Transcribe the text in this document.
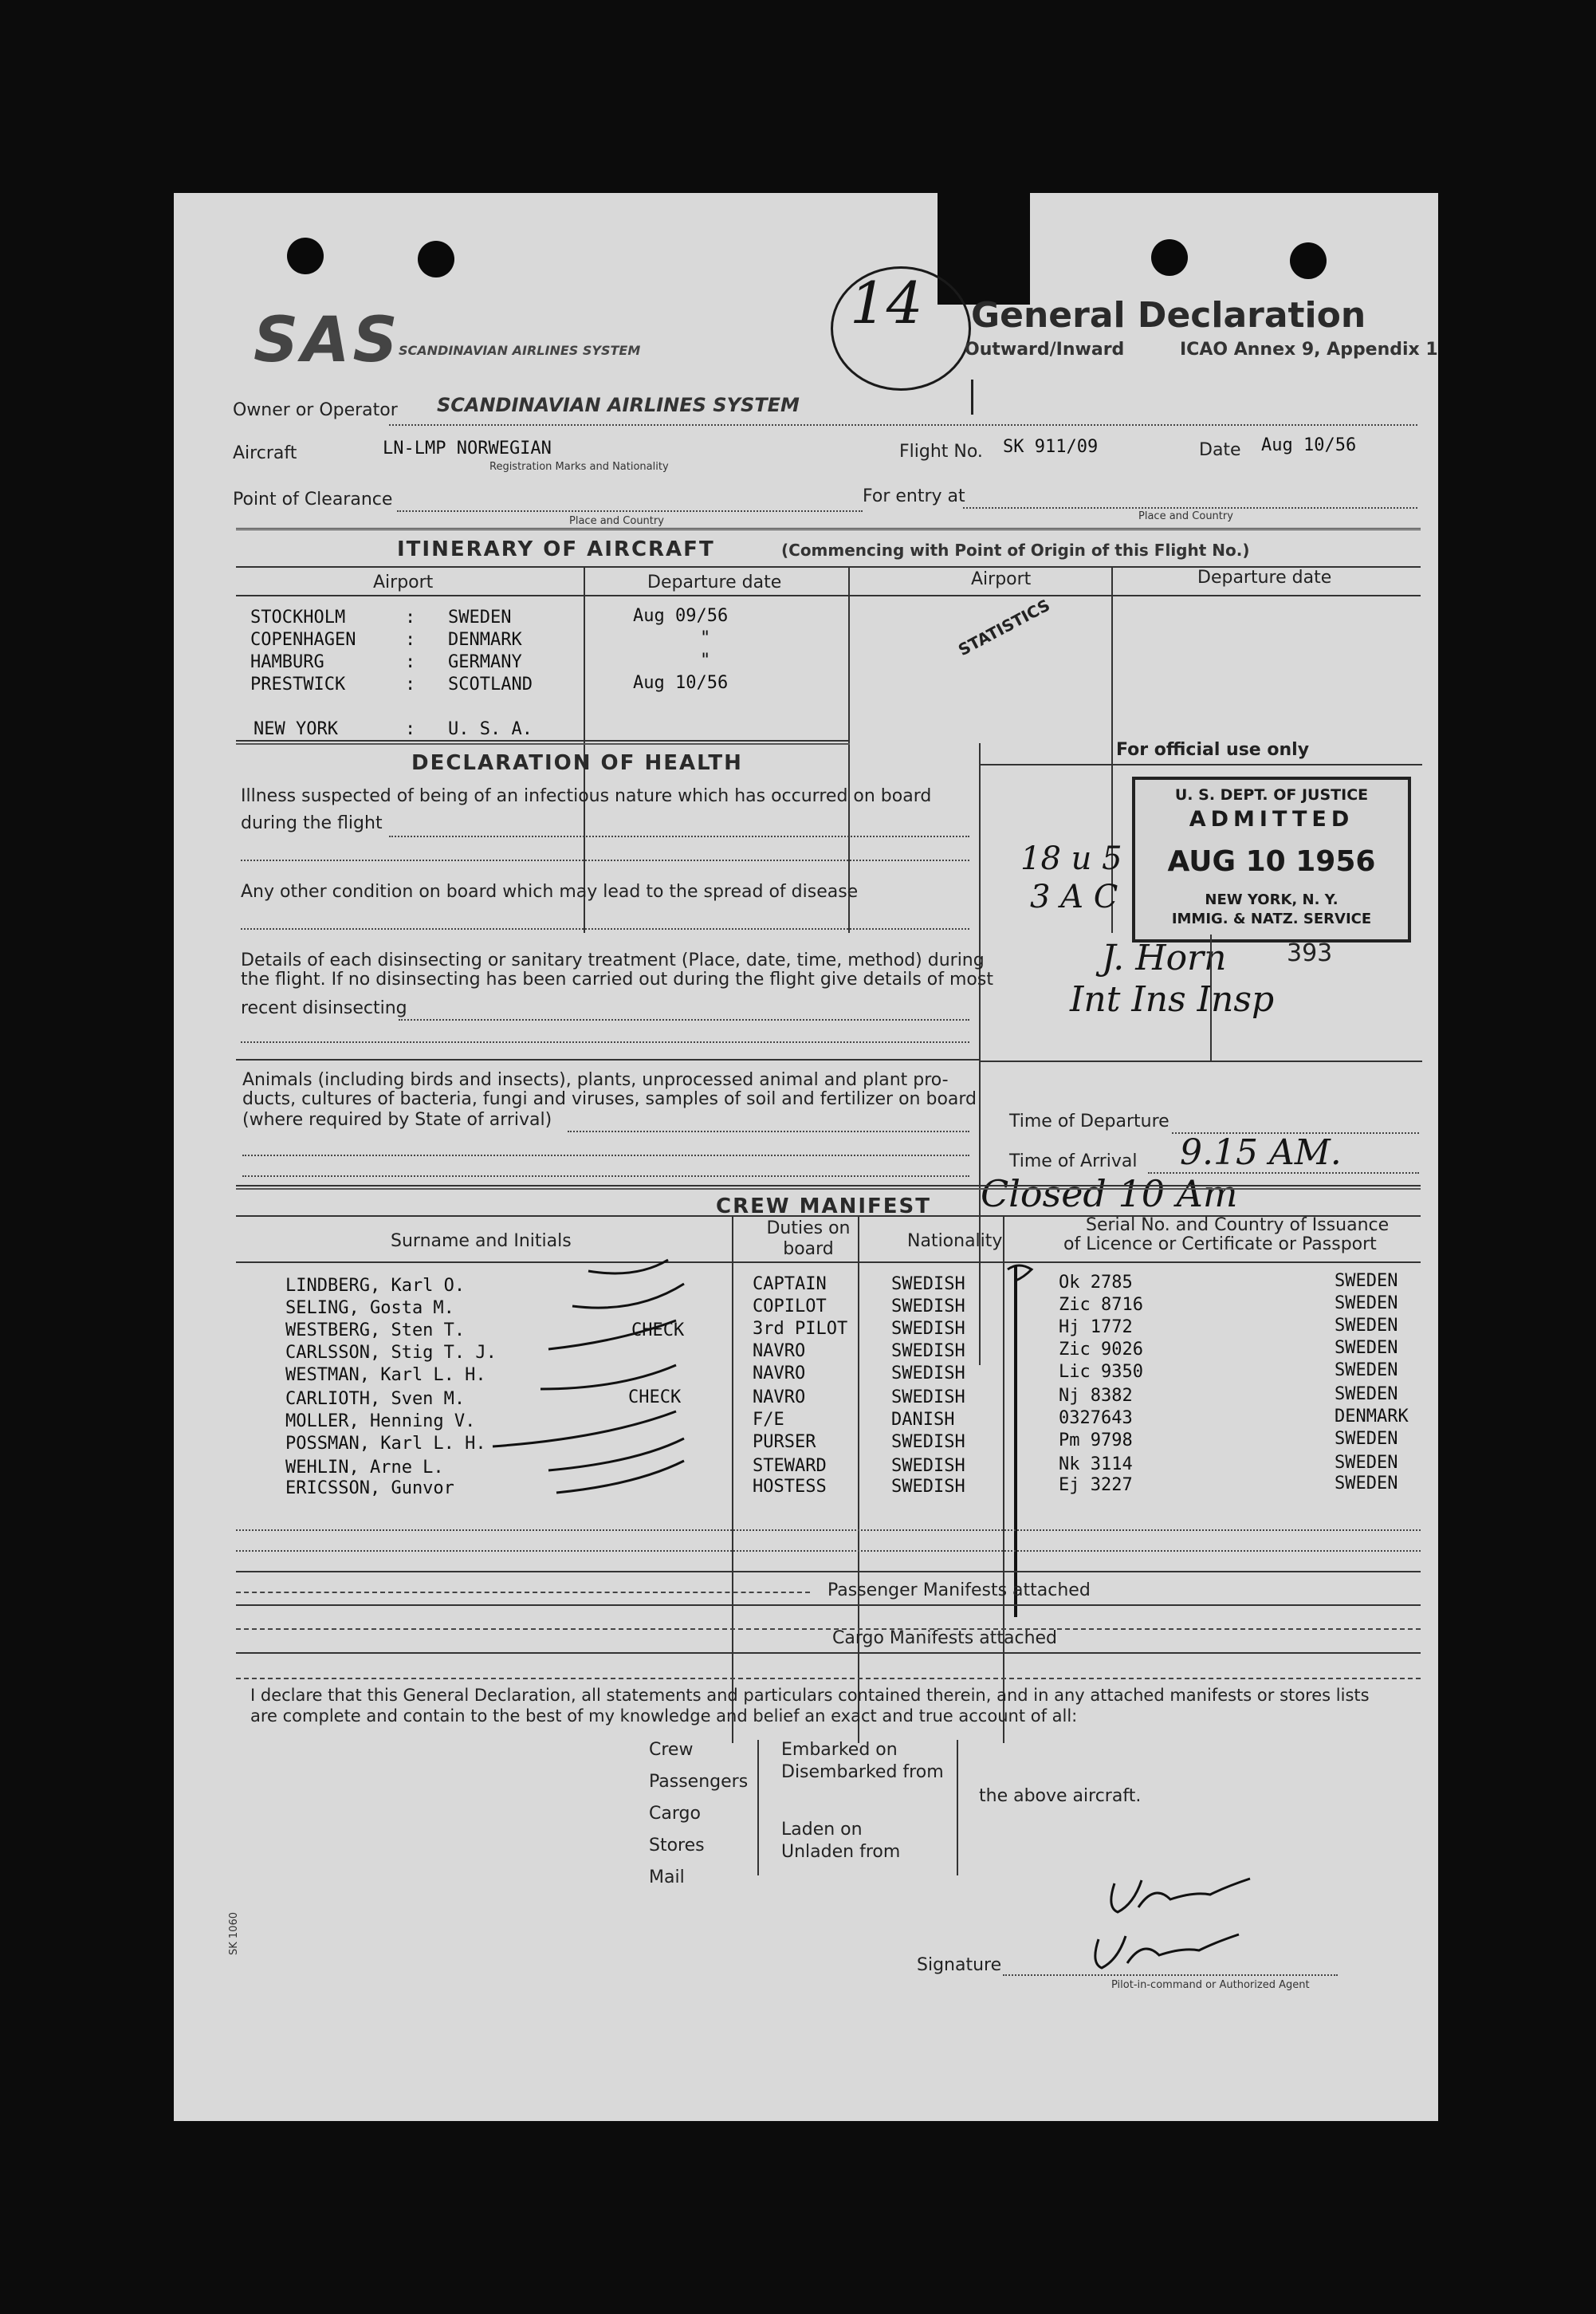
SAS
SCANDINAVIAN AIRLINES SYSTEM
14 General Declaration
Outward/Inward	ICAO Annex 9, Appendix 1
Owner or Operator SCANDINAVIAN AIRLINES SYSTEM
Aircraft	LN-LMP NORWEGIAN
Registration Marks and Nationality
Flight No. SK 911/09	Date Aug 10/56
Point of Clearance
Place and Country
For entry at
Place and Country
ITINERARY OF AIRCRAFT	(Commencing with Point of Origin of this Flight No.)
Airport	Departure date	Airport	Departure date
STOCKHOLM	: SWEDEN	Aug 09/56
COPENHAGEN	: DENMARK	"
HAMBURG	: GERMANY	"
PRESTWICK	: SCOTLAND	Aug 10/56
NEW YORK	: U. S. A.
STATISTICS
DECLARATION OF HEALTH
Illness suspected of being of an infectious nature which has occurred on board
during the flight
Any other condition on board which may lead to the spread of disease
Details of each disinsecting or sanitary treatment (Place, date, time, method) during
the flight. If no disinsecting has been carried out during the flight give details of most
recent disinsecting
Animals (including birds and insects), plants, unprocessed animal and plant pro-
ducts, cultures of bacteria, fungi and viruses, samples of soil and fertilizer on board
(where required by State of arrival)
For official use only
U. S. DEPT. OF JUSTICE
ADMITTED
AUG 10 1956
NEW YORK, N. Y.
IMMIG. & NATZ. SERVICE
18 u 5
3 A C
393
J. Horn
Int Ins Insp
Time of Departure
Time of Arrival 9.15 AM.
Closed 10 Am
CREW MANIFEST
Surname and Initials
Duties on board	Nationality
Serial No. and Country of Issuance
of Licence or Certificate or Passport
LINDBERG, Karl O.	CAPTAIN	SWEDISH	Ok 2785	SWEDEN
SELING, Gosta M.	COPILOT	SWEDISH	Zic 8716	SWEDEN
WESTBERG, Sten T.	3rd PILOT SWEDISH	Hj 1772	SWEDEN
CARLSSON, Stig T. J.	NAVRO	SWEDISH	Zic 9026	SWEDEN
WESTMAN, Karl L. H.	NAVRO	SWEDISH	Lic 9350	SWEDEN
CARLIOTH, Sven M.	NAVRO	SWEDISH	Nj 8382	SWEDEN
MOLLER, Henning V.	F/E	DANISH	0327643	DENMARK
POSSMAN, Karl L. H.	PURSER	SWEDISH	Pm 9798	SWEDEN
WEHLIN, Arne L.	STEWARD	SWEDISH	Nk 3114	SWEDEN
ERICSSON, Gunvor	HOSTESS	SWEDISH	Ej 3227	SWEDEN
CHECK
CHECK
Passenger Manifests attached
Cargo Manifests attached
I declare that this General Declaration, all statements and particulars contained therein, and in any attached manifests or stores lists
are complete and contain to the best of my knowledge and belief an exact and true account of all:
Crew
Passengers
Cargo
Stores
Mail
Embarked on
Disembarked from
Laden on
Unladen from
the above aircraft.
Signature
Pilot-in-command or Authorized Agent
SK 1060
